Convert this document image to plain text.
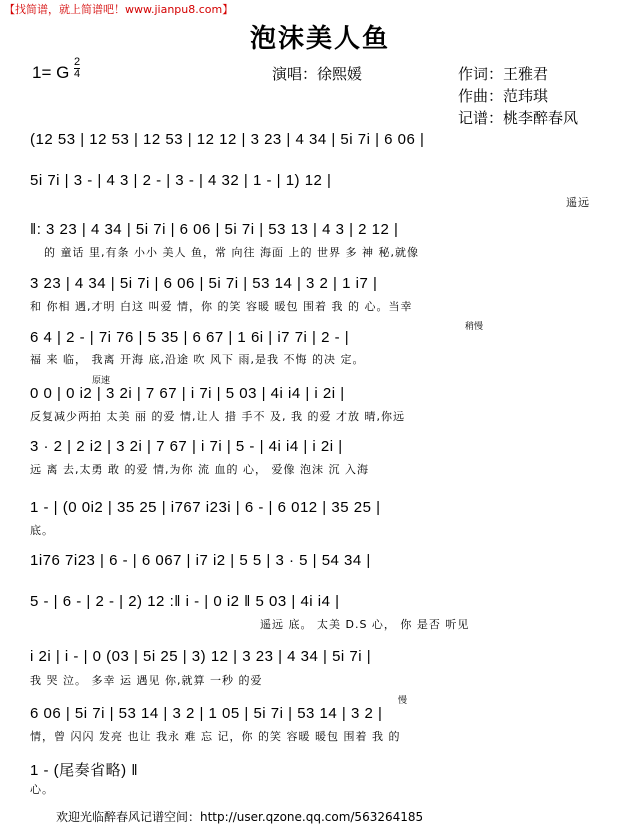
【找简谱，就上简谱吧！www.jianpu8.com】
泡沫美人鱼
1= G
2
4	演唱：徐熙媛	作词：王雅君
作曲：范玮琪
记谱：桃李醉春风
(12 53 | 12 53 | 12 53 | 12 12 | 3 23 | 4 34 | 5i 7i | 6 06 |
5i 7i | 3 - | 4 3 | 2 - | 3 - | 4 32 | 1 - | 1) 12 |
遥远
‖: 3 23 | 4 34 | 5i 7i | 6 06 | 5i 7i | 53 13 | 4 3 | 2 12 |
的 童话 里,有条 小小 美人 鱼，常 向往 海面 上的 世界 多 神 秘,就像
3 23 | 4 34 | 5i 7i | 6 06 | 5i 7i | 53 14 | 3 2 | 1 i7 |
和 你相 遇,才明 白这 叫爱 情，你 的笑 容暖 暖包 围着 我 的 心。当幸
稍慢
6 4 | 2 - | 7i 76 | 5 35 | 6 67 | 1 6i | i7 7i | 2 - |
福 来 临， 我离 开海 底,沿途 吹 风下 雨,是我 不悔 的决 定。
原速
0 0 | 0 i2 | 3 2i | 7 67 | i 7i | 5 03 | 4i i4 | i 2i |
反复减少两拍 太美 丽 的爱 情,让人 措 手不 及, 我 的爱 才放 晴,你远
3 · 2 | 2 i2 | 3 2i | 7 67 | i 7i | 5 - | 4i i4 | i 2i |
远 离 去,太勇 敢 的爱 情,为你 流 血的 心， 爱像 泡沫 沉 入海
1 - | (0 0i2 | 35 25 | i767 i23i | 6 - | 6 012 | 35 25 |
底。
1i76 7i23 | 6 - | 6 067 | i7 i2 | 5 5 | 3 · 5 | 54 34 |
5 - | 6 - | 2 - | 2) 12 :‖ i - | 0 i2 ‖ 5 03 | 4i i4 |
遥远 底。 太美 D.S 心， 你 是否 听见
i 2i | i - | 0 (03 | 5i 25 | 3) 12 | 3 23 | 4 34 | 5i 7i |
我 哭 泣。 多幸 运 遇见 你,就算 一秒 的爱
慢
6 06 | 5i 7i | 53 14 | 3 2 | 1 05 | 5i 7i | 53 14 | 3 2 |
情，曾 闪闪 发亮 也让 我永 难 忘 记，你 的笑 容暖 暖包 围着 我 的
1 - (尾奏省略) ‖
心。
欢迎光临醉春风记谱空间：http://user.qzone.qq.com/563264185
